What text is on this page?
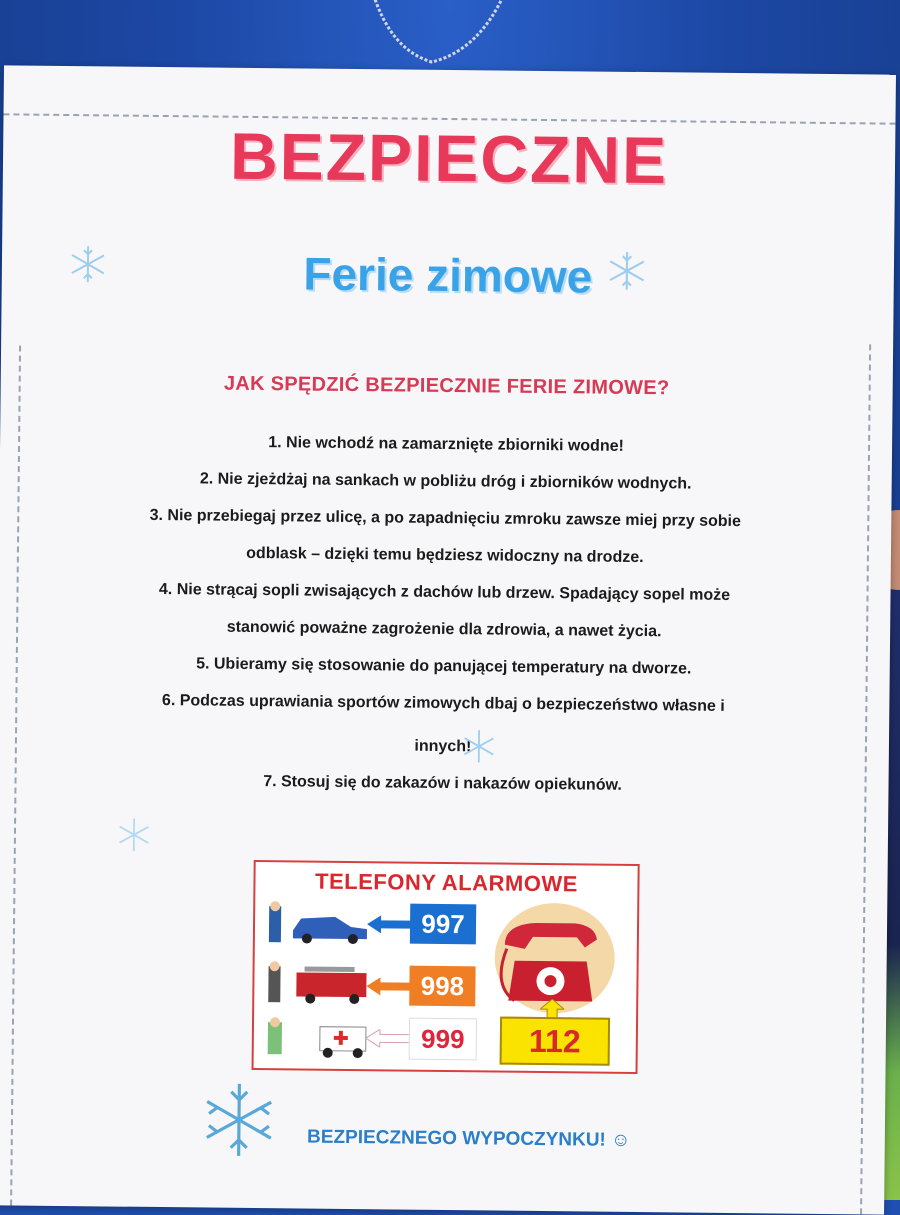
BEZPIECZNE
Ferie zimowe
JAK SPĘDZIĆ BEZPIECZNIE FERIE ZIMOWE?
1. Nie wchodź na zamarznięte zbiorniki wodne!
2. Nie zjeżdżaj na sankach w pobliżu dróg i zbiorników wodnych.
3. Nie przebiegaj przez ulicę, a po zapadnięciu zmroku zawsze miej przy sobie
odblask – dzięki temu będziesz widoczny na drodze.
4. Nie strącaj sopli zwisających z dachów lub drzew. Spadający sopel może
stanowić poważne zagrożenie dla zdrowia, a nawet życia.
5. Ubieramy się stosowanie do panującej temperatury na dworze.
6. Podczas uprawiania sportów zimowych dbaj o bezpieczeństwo własne i
innych!
7. Stosuj się do zakazów i nakazów opiekunów.
TELEFONY ALARMOWE
997
998
999	112
BEZPIECZNEGO WYPOCZYNKU! ☺
